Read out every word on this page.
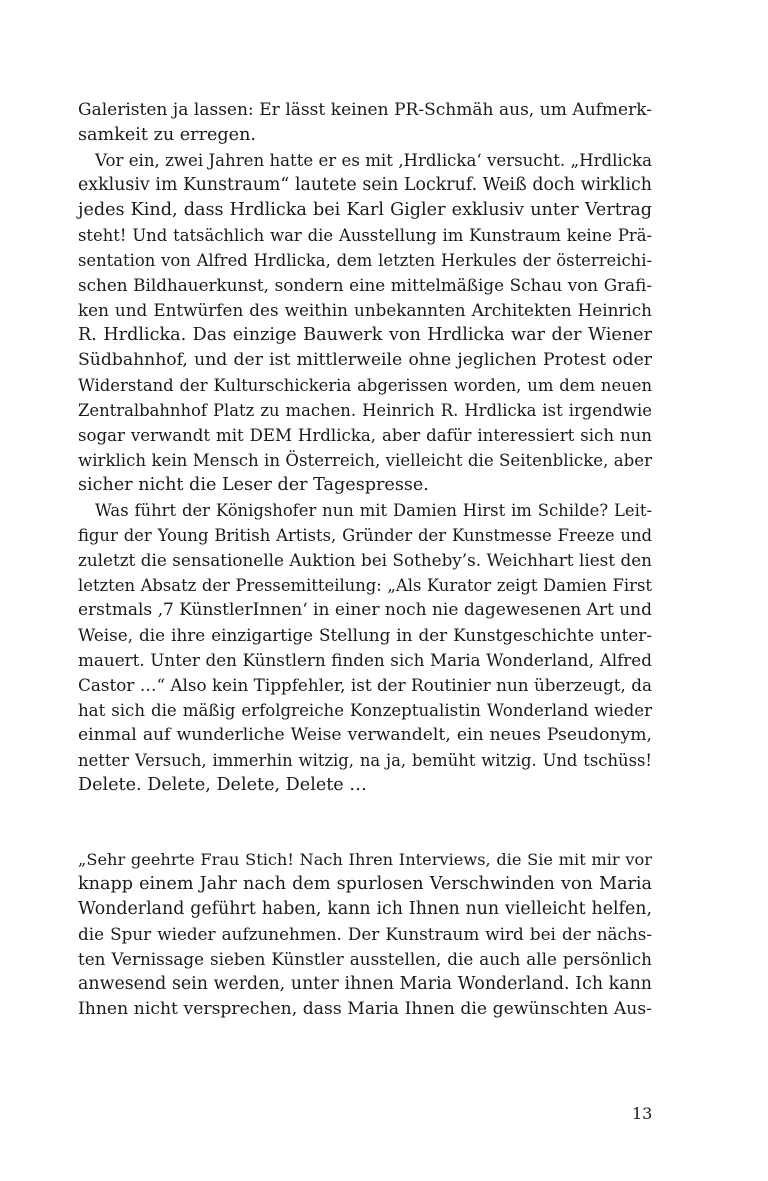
Galeristen ja lassen: Er lässt keinen PR-Schmäh aus, um Aufmerk-
samkeit zu erregen.
Vor ein, zwei Jahren hatte er es mit ‚Hrdlicka‘ versucht. „Hrdlicka
exklusiv im Kunstraum“ lautete sein Lockruf. Weiß doch wirklich
jedes Kind, dass Hrdlicka bei Karl Gigler exklusiv unter Vertrag
steht! Und tatsächlich war die Ausstellung im Kunstraum keine Prä-
sentation von Alfred Hrdlicka, dem letzten Herkules der österreichi-
schen Bildhauerkunst, sondern eine mittelmäßige Schau von Grafi-
ken und Entwürfen des weithin unbekannten Architekten Heinrich
R. Hrdlicka. Das einzige Bauwerk von Hrdlicka war der Wiener
Südbahnhof, und der ist mittlerweile ohne jeglichen Protest oder
Widerstand der Kulturschickeria abgerissen worden, um dem neuen
Zentralbahnhof Platz zu machen. Heinrich R. Hrdlicka ist irgendwie
sogar verwandt mit DEM Hrdlicka, aber dafür interessiert sich nun
wirklich kein Mensch in Österreich, vielleicht die Seitenblicke, aber
sicher nicht die Leser der Tagespresse.
Was führt der Königshofer nun mit Damien Hirst im Schilde? Leit-
figur der Young British Artists, Gründer der Kunstmesse Freeze und
zuletzt die sensationelle Auktion bei Sotheby’s. Weichhart liest den
letzten Absatz der Pressemitteilung: „Als Kurator zeigt Damien First
erstmals ‚7 KünstlerInnen‘ in einer noch nie dagewesenen Art und
Weise, die ihre einzigartige Stellung in der Kunstgeschichte unter-
mauert. Unter den Künstlern finden sich Maria Wonderland, Alfred
Castor …“ Also kein Tippfehler, ist der Routinier nun überzeugt, da
hat sich die mäßig erfolgreiche Konzeptualistin Wonderland wieder
einmal auf wunderliche Weise verwandelt, ein neues Pseudonym,
netter Versuch, immerhin witzig, na ja, bemüht witzig. Und tschüss!
Delete. Delete, Delete, Delete …
„Sehr geehrte Frau Stich! Nach Ihren Interviews, die Sie mit mir vor
knapp einem Jahr nach dem spurlosen Verschwinden von Maria
Wonderland geführt haben, kann ich Ihnen nun vielleicht helfen,
die Spur wieder aufzunehmen. Der Kunstraum wird bei der nächs-
ten Vernissage sieben Künstler ausstellen, die auch alle persönlich
anwesend sein werden, unter ihnen Maria Wonderland. Ich kann
Ihnen nicht versprechen, dass Maria Ihnen die gewünschten Aus-
13
